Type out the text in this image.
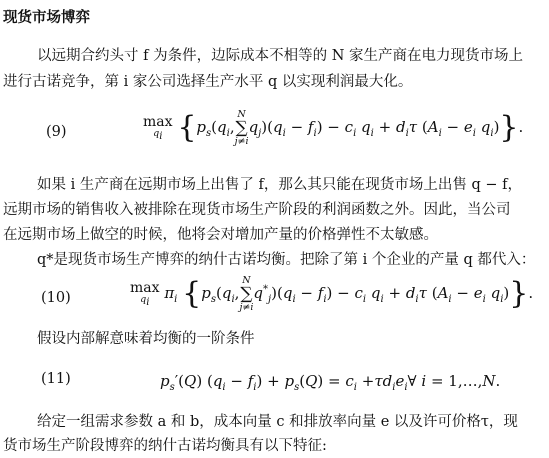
现货市场博弈
以远期合约头寸 f 为条件，边际成本不相等的 N 家生产商在电力现货市场上
进行古诺竞争，第 i 家公司选择生产水平 q 以实现利润最大化。
(9)
max
$q_i$ {$p_s(q_i$,
N
∑
j≠i
$q_j)(q_i - f_i) - c_i$ $q_i + d_i\tau$ ($A_i - e_i$ $q_i$)}.
如果 i 生产商在远期市场上出售了 f，那么其只能在现货市场上出售 q − f，
远期市场的销售收入被排除在现货市场生产阶段的利润函数之外。因此，当公司
在远期市场上做空的时候，他将会对增加产量的价格弹性不太敏感。
q*是现货市场生产博弈的纳什古诺均衡。把除了第 i 个企业的产量 q 都代入：
(10)
max
$q_i$ $\pi_i$ {$p_s(q_i$,
N
∑
j≠i
$q^*_j)(q_i - f_i) - c_i$ $q_i + d_i\tau$ ($A_i - e_i$ $q_i$)}.
假设内部解意味着均衡的一阶条件
(11)	$p_s'(Q) (q_i - f_i) + p_s(Q) = c_i$ $+\tau d_ie_i\forall$ i = 1,…,N.
给定一组需求参数 a 和 b，成本向量 c 和排放率向量 e 以及许可价格τ，现
货市场生产阶段博弈的纳什古诺均衡具有以下特征:
